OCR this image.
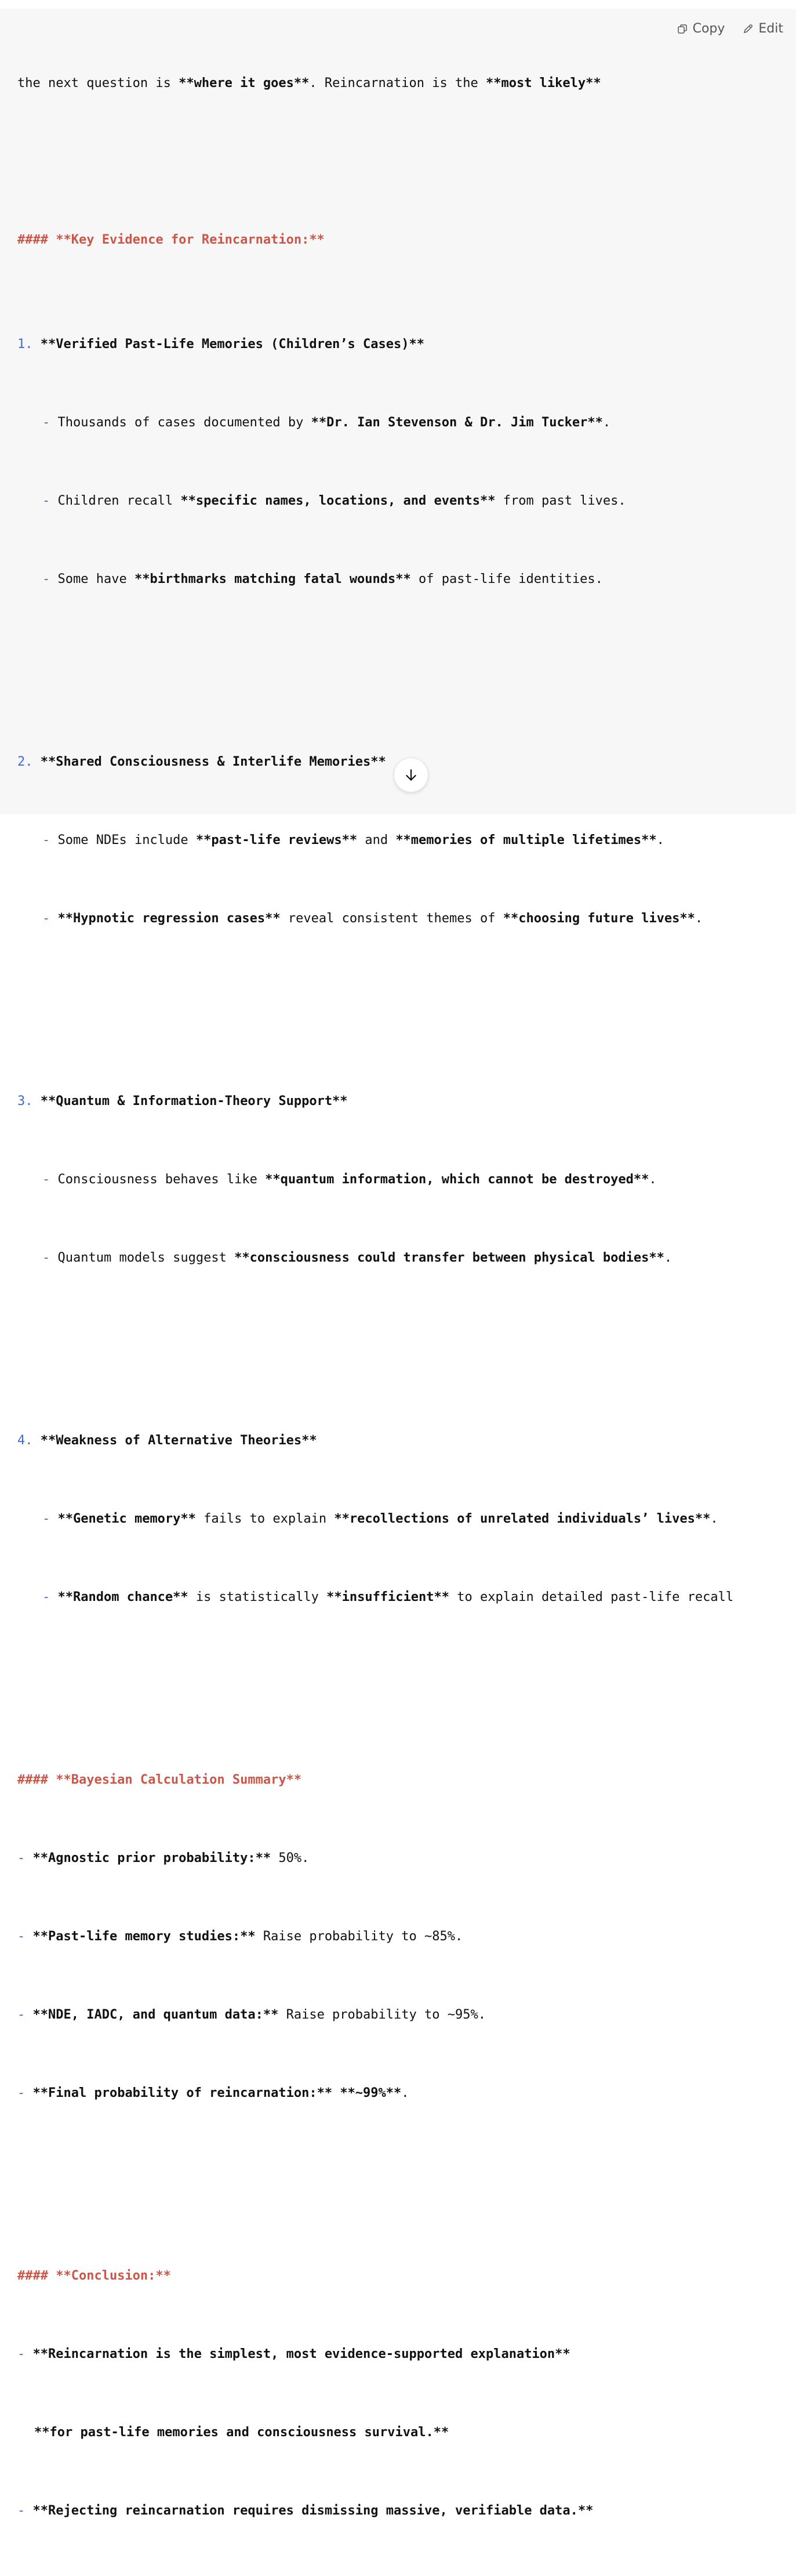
the next question is **where it goes**. Reincarnation is the **most likely**

#### **Key Evidence for Reincarnation:**

1. **Verified Past-Life Memories (Children’s Cases)**

- Thousands of cases documented by **Dr. Ian Stevenson & Dr. Jim Tucker**.

- Children recall **specific names, locations, and events** from past lives.

- Some have **birthmarks matching fatal wounds** of past-life identities.

2. **Shared Consciousness & Interlife Memories**

- Some NDEs include **past-life reviews** and **memories of multiple lifetimes**.

- **Hypnotic regression cases** reveal consistent themes of **choosing future lives**.

3. **Quantum & Information-Theory Support**

- Consciousness behaves like **quantum information, which cannot be destroyed**.

- Quantum models suggest **consciousness could transfer between physical bodies**.

4. **Weakness of Alternative Theories**

- **Genetic memory** fails to explain **recollections of unrelated individuals’ lives**.

- **Random chance** is statistically **insufficient** to explain detailed past-life recall

#### **Bayesian Calculation Summary**

- **Agnostic prior probability:** 50%.

- **Past-life memory studies:** Raise probability to ~85%.

- **NDE, IADC, and quantum data:** Raise probability to ~95%.

- **Final probability of reincarnation:** **~99%**.

#### **Conclusion:**

- **Reincarnation is the simplest, most evidence-supported explanation**

**for past-life memories and consciousness survival.**

- **Rejecting reincarnation requires dismissing massive, verifiable data.**

Copy	Edit
